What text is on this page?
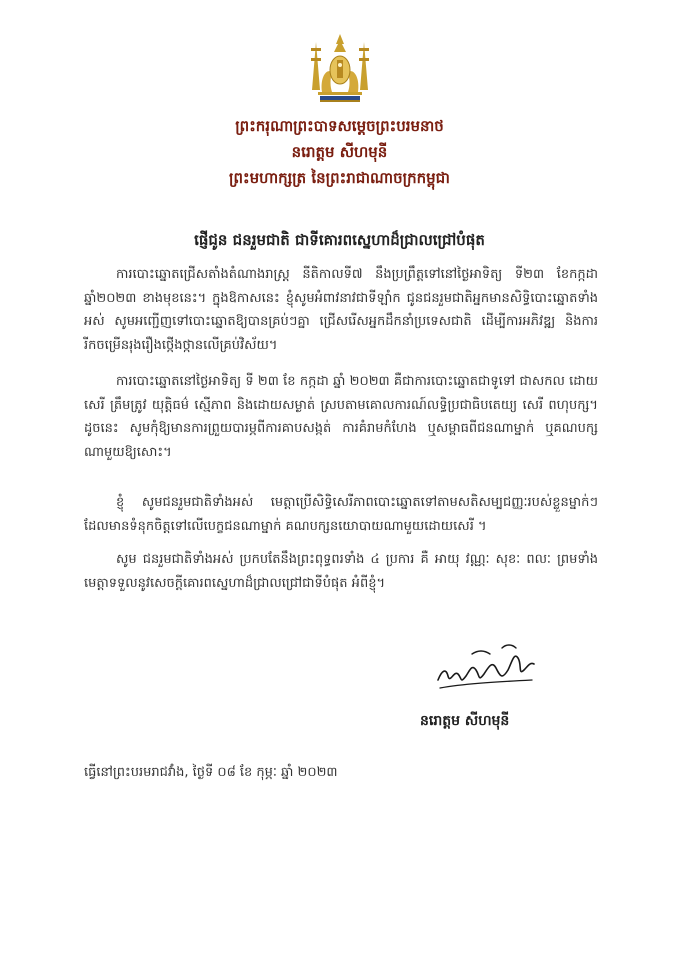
ព្រះករុណាព្រះបាទសម្ដេចព្រះបរមនាថ
នរោត្តម សីហមុនី
ព្រះមហាក្សត្រ នៃព្រះរាជាណាចក្រកម្ពុជា
ផ្ញើជូន ជនរួមជាតិ ជាទីគោរពស្នេហាដ៏ជ្រាលជ្រៅបំផុត
ការបោះឆ្នោតជ្រើសតាំងតំណាងរាស្ត្រ នីតិកាលទី៧ នឹងប្រព្រឹត្តទៅនៅថ្ងៃអាទិត្យ ទី២៣ ខែកក្កដា ឆ្នាំ២០២៣ ខាងមុខនេះ។ ក្នុងឱកាសនេះ ខ្ញុំសូមអំពាវនាវជាទីឡាំក ជូនជនរួមជាតិអ្នកមានសិទ្ធិបោះឆ្នោតទាំងអស់ សូមអញ្ជើញទៅបោះឆ្នោតឱ្យបានគ្រប់ៗគ្នា ជ្រើសរើសអ្នកដឹកនាំប្រទេសជាតិ ដើម្បីការអភិវឌ្ឍ និងការរីកចម្រើនរុងរឿងថ្កើងថ្កានលើគ្រប់វិស័យ។
ការបោះឆ្នោតនៅថ្ងៃអាទិត្យ ទី ២៣ ខែ កក្កដា ឆ្នាំ ២០២៣ គឺជាការបោះឆ្នោតជាទូទៅ ជាសកល ដោយសេរី ត្រឹមត្រូវ យុត្តិធម៌ ស្មើភាព និងដោយសម្ងាត់ ស្របតាមគោលការណ៍លទ្ធិប្រជាធិបតេយ្យ សេរី ពហុបក្ស។ ដូចនេះ សូមកុំឱ្យមានការព្រួយបារម្ភពីការគាបសង្កត់ ការគំរាមកំហែង ឬសម្ពាធពីជនណាម្នាក់ ឬគណបក្សណាមួយឱ្យសោះ។
ខ្ញុំ សូមជនរួមជាតិទាំងអស់ មេត្តាប្រើសិទ្ធិសេរីភាពបោះឆ្នោតទៅតាមសតិសម្បជញ្ញៈរបស់ខ្លួនម្នាក់ៗ ដែលមានទំនុកចិត្តទៅលើបេក្ខជនណាម្នាក់ គណបក្សនយោបាយណាមួយដោយសេរី ។
សូម ជនរួមជាតិទាំងអស់ ប្រកបតែនឹងព្រះពុទ្ធពរទាំង ៤ ប្រការ គឺ អាយុ វណ្ណៈ សុខៈ ពលៈ ព្រមទាំងមេត្តាទទួលនូវសេចក្ដីគោរពស្នេហាដ៏ជ្រាលជ្រៅជាទីបំផុត អំពីខ្ញុំ។
នរោត្តម សីហមុនី
ធ្វើនៅព្រះបរមរាជវាំង, ថ្ងៃទី ០៨ ខែ កុម្ភៈ ឆ្នាំ ២០២៣
